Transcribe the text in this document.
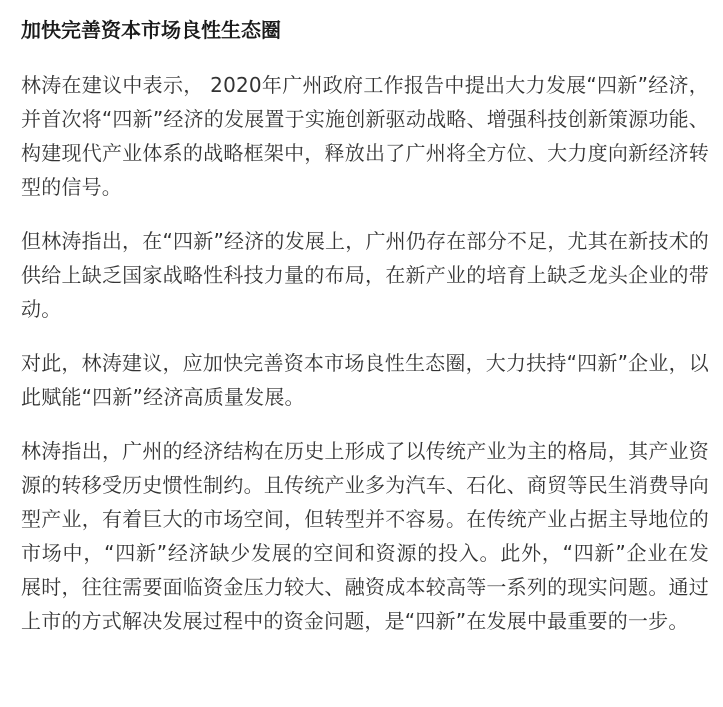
加快完善资本市场良性生态圈

林涛在建议中表示， 2020年广州政府工作报告中提出大力发展“四新”经济，并首次将“四新”经济的发展置于实施创新驱动战略、增强科技创新策源功能、构建现代产业体系的战略框架中，释放出了广州将全方位、大力度向新经济转型的信号。

但林涛指出，在“四新”经济的发展上，广州仍存在部分不足，尤其在新技术的供给上缺乏国家战略性科技力量的布局，在新产业的培育上缺乏龙头企业的带动。

对此，林涛建议，应加快完善资本市场良性生态圈，大力扶持“四新”企业，以此赋能“四新”经济高质量发展。

林涛指出，广州的经济结构在历史上形成了以传统产业为主的格局，其产业资源的转移受历史惯性制约。且传统产业多为汽车、石化、商贸等民生消费导向型产业，有着巨大的市场空间，但转型并不容易。在传统产业占据主导地位的市场中，“四新”经济缺少发展的空间和资源的投入。此外，“四新”企业在发展时，往往需要面临资金压力较大、融资成本较高等一系列的现实问题。通过上市的方式解决发展过程中的资金问题，是“四新”在发展中最重要的一步。
